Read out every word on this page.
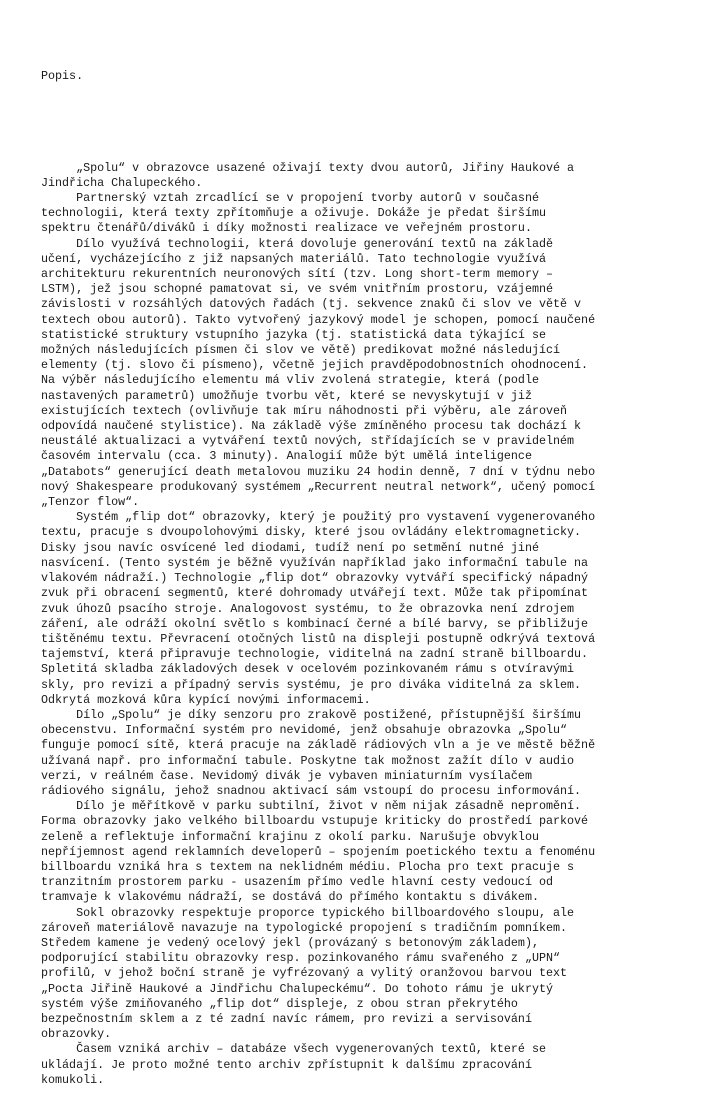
Popis.

„Spolu“ v obrazovce usazené oživají texty dvou autorů, Jiřiny Haukové a
Jindřicha Chalupeckého.
Partnerský vztah zrcadlící se v propojení tvorby autorů v současné
technologii, která texty zpřítomňuje a oživuje. Dokáže je předat širšímu
spektru čtenářů/diváků i díky možnosti realizace ve veřejném prostoru.
Dílo využívá technologii, která dovoluje generování textů na základě
učení, vycházejícího z již napsaných materiálů. Tato technologie využívá
architekturu rekurentních neuronových sítí (tzv. Long short-term memory –
LSTM), jež jsou schopné pamatovat si, ve svém vnitřním prostoru, vzájemné
závislosti v rozsáhlých datových řadách (tj. sekvence znaků či slov ve větě v
textech obou autorů). Takto vytvořený jazykový model je schopen, pomocí naučené
statistické struktury vstupního jazyka (tj. statistická data týkající se
možných následujících písmen či slov ve větě) predikovat možné následující
elementy (tj. slovo či písmeno), včetně jejich pravděpodobnostních ohodnocení.
Na výběr následujícího elementu má vliv zvolená strategie, která (podle
nastavených parametrů) umožňuje tvorbu vět, které se nevyskytují v již
existujících textech (ovlivňuje tak míru náhodnosti při výběru, ale zároveň
odpovídá naučené stylistice). Na základě výše zmíněného procesu tak dochází k
neustálé aktualizaci a vytváření textů nových, střídajících se v pravidelném
časovém intervalu (cca. 3 minuty). Analogií může být umělá inteligence
„Databots“ generující death metalovou muziku 24 hodin denně, 7 dní v týdnu nebo
nový Shakespeare produkovaný systémem „Recurrent neutral network“, učený pomocí
„Tenzor flow“.
Systém „flip dot“ obrazovky, který je použitý pro vystavení vygenerovaného
textu, pracuje s dvoupolohovými disky, které jsou ovládány elektromagneticky.
Disky jsou navíc osvícené led diodami, tudíž není po setmění nutné jiné
nasvícení. (Tento systém je běžně využíván například jako informační tabule na
vlakovém nádraží.) Technologie „flip dot“ obrazovky vytváří specifický nápadný
zvuk při obracení segmentů, které dohromady utvářejí text. Může tak připomínat
zvuk úhozů psacího stroje. Analogovost systému, to že obrazovka není zdrojem
záření, ale odráží okolní světlo s kombinací černé a bílé barvy, se přibližuje
tištěnému textu. Převracení otočných listů na displeji postupně odkrývá textová
tajemství, která připravuje technologie, viditelná na zadní straně billboardu.
Spletitá skladba základových desek v ocelovém pozinkovaném rámu s otvíravými
skly, pro revizi a případný servis systému, je pro diváka viditelná za sklem.
Odkrytá mozková kůra kypící novými informacemi.
Dílo „Spolu“ je díky senzoru pro zrakově postižené, přístupnější širšímu
obecenstvu. Informační systém pro nevidomé, jenž obsahuje obrazovka „Spolu“
funguje pomocí sítě, která pracuje na základě rádiových vln a je ve městě běžně
užívaná např. pro informační tabule. Poskytne tak možnost zažít dílo v audio
verzi, v reálném čase. Nevidomý divák je vybaven miniaturním vysílačem
rádiového signálu, jehož snadnou aktivací sám vstoupí do procesu informování.
Dílo je měřítkově v parku subtilní, život v něm nijak zásadně nepromění.
Forma obrazovky jako velkého billboardu vstupuje kriticky do prostředí parkové
zeleně a reflektuje informační krajinu z okolí parku. Narušuje obvyklou
nepříjemnost agend reklamních developerů – spojením poetického textu a fenoménu
billboardu vzniká hra s textem na neklidném médiu. Plocha pro text pracuje s
tranzitním prostorem parku - usazením přímo vedle hlavní cesty vedoucí od
tramvaje k vlakovému nádraží, se dostává do přímého kontaktu s divákem.
Sokl obrazovky respektuje proporce typického billboardového sloupu, ale
zároveň materiálově navazuje na typologické propojení s tradičním pomníkem.
Středem kamene je vedený ocelový jekl (provázaný s betonovým základem),
podporující stabilitu obrazovky resp. pozinkovaného rámu svařeného z „UPN“
profilů, v jehož boční straně je vyfrézovaný a vylitý oranžovou barvou text
„Pocta Jiřině Haukové a Jindřichu Chalupeckému“. Do tohoto rámu je ukrytý
systém výše zmiňovaného „flip dot“ displeje, z obou stran překrytého
bezpečnostním sklem a z té zadní navíc rámem, pro revizi a servisování
obrazovky.
Časem vzniká archiv – databáze všech vygenerovaných textů, které se
ukládají. Je proto možné tento archiv zpřístupnit k dalšímu zpracování
komukoli.
